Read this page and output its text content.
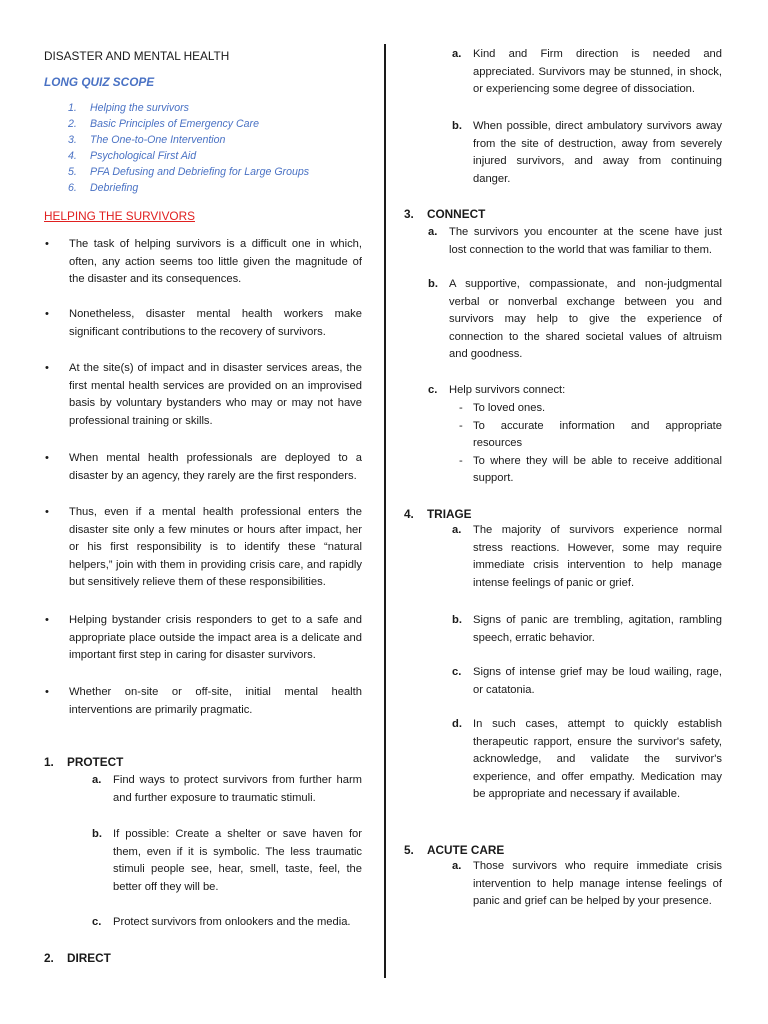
DISASTER AND MENTAL HEALTH
LONG QUIZ SCOPE
1.	Helping the survivors
2.	Basic Principles of Emergency Care
3.	The One-to-One Intervention
4.	Psychological First Aid
5.	PFA Defusing and Debriefing for Large Groups
6.	Debriefing
HELPING THE SURVIVORS
•	The task of helping survivors is a difficult one in which, often, any action seems too little given the magnitude of the disaster and its consequences.
•	Nonetheless, disaster mental health workers make significant contributions to the recovery of survivors.
•	At the site(s) of impact and in disaster services areas, the first mental health services are provided on an improvised basis by voluntary bystanders who may or may not have professional training or skills.
•	When mental health professionals are deployed to a disaster by an agency, they rarely are the first responders.
•	Thus, even if a mental health professional enters the disaster site only a few minutes or hours after impact, her or his first responsibility is to identify these “natural helpers,” join with them in providing crisis care, and rapidly but sensitively relieve them of these responsibilities.
•	Helping bystander crisis responders to get to a safe and appropriate place outside the impact area is a delicate and important first step in caring for disaster survivors.
•	Whether on-site or off-site, initial mental health interventions are primarily pragmatic.
1. PROTECT
a.	Find ways to protect survivors from further harm and further exposure to traumatic stimuli.
b. If possible: Create a shelter or save haven for them, even if it is symbolic. The less traumatic stimuli people see, hear, smell, taste, feel, the better off they will be.
c.	Protect survivors from onlookers and the media.
2. DIRECT
a.	Kind and Firm direction is needed and appreciated. Survivors may be stunned, in shock, or experiencing some degree of dissociation.
b. When possible, direct ambulatory survivors away from the site of destruction, away from severely injured survivors, and away from continuing danger.
3. CONNECT
a.	The survivors you encounter at the scene have just lost connection to the world that was familiar to them.
b. A supportive, compassionate, and non-judgmental verbal or nonverbal exchange between you and survivors may help to give the experience of connection to the shared societal values of altruism and goodness.
c.	Help survivors connect:
- To loved ones.
- To accurate information and appropriate resources
- To where they will be able to receive additional support.
4. TRIAGE
a.	The majority of survivors experience normal stress reactions. However, some may require immediate crisis intervention to help manage intense feelings of panic or grief.
b. Signs of panic are trembling, agitation, rambling speech, erratic behavior.
c.	Signs of intense grief may be loud wailing, rage, or catatonia.
d. In such cases, attempt to quickly establish therapeutic rapport, ensure the survivor's safety, acknowledge, and validate the survivor's experience, and offer empathy. Medication may be appropriate and necessary if available.
5. ACUTE CARE
a.	Those survivors who require immediate crisis intervention to help manage intense feelings of panic and grief can be helped by your presence.
